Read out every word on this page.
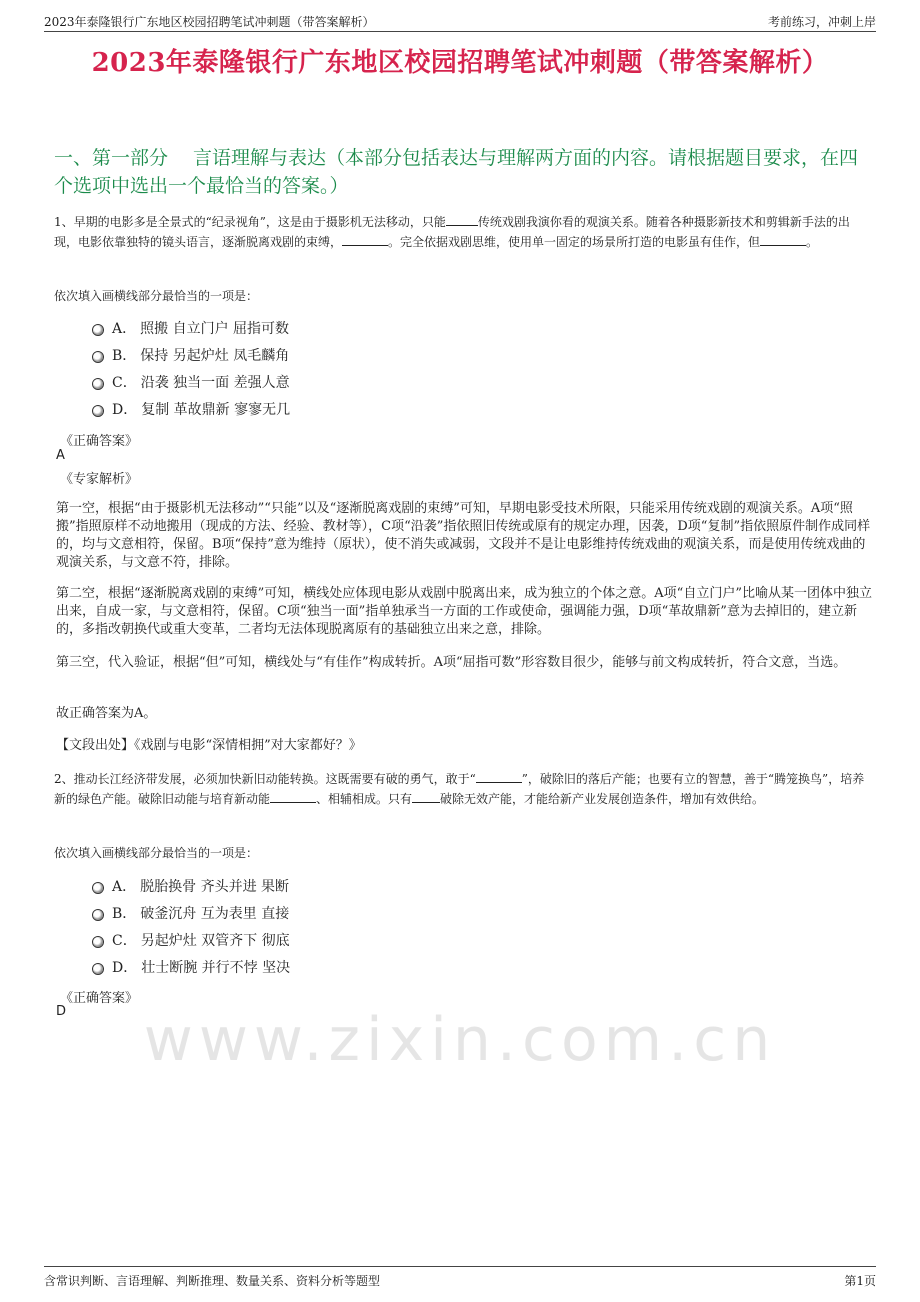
2023年泰隆银行广东地区校园招聘笔试冲刺题（带答案解析）	考前练习，冲刺上岸
2023年泰隆银行广东地区校园招聘笔试冲刺题（带答案解析）
一、第一部分　 言语理解与表达（本部分包括表达与理解两方面的内容。请根据题目要求，在四个选项中选出一个最恰当的答案。）

1、早期的电影多是全景式的“纪录视角”，这是由于摄影机无法移动，只能	传统戏剧我演你看的观演关系。随着各种摄影新技术和剪辑新手法的出现，电影依靠独特的镜头语言，逐渐脱离戏剧的束缚，	。完全依据戏剧思维，使用单一固定的场景所打造的电影虽有佳作，但	。

依次填入画横线部分最恰当的一项是：

A． 照搬 自立门户 屈指可数
B． 保持 另起炉灶 凤毛麟角
C． 沿袭 独当一面 差强人意
D． 复制 革故鼎新 寥寥无几
《正确答案》
A
《专家解析》

第一空，根据“由于摄影机无法移动”“只能”以及“逐渐脱离戏剧的束缚”可知，早期电影受技术所限，只能采用传统戏剧的观演关系。A项“照搬”指照原样不动地搬用（现成的方法、经验、教材等），C项“沿袭”指依照旧传统或原有的规定办理，因袭，D项“复制”指依照原件制作成同样的，均与文意相符，保留。B项“保持”意为维持（原状），使不消失或减弱，文段并不是让电影维持传统戏曲的观演关系，而是使用传统戏曲的观演关系，与文意不符，排除。

第二空，根据“逐渐脱离戏剧的束缚”可知，横线处应体现电影从戏剧中脱离出来，成为独立的个体之意。A项“自立门户”比喻从某一团体中独立出来，自成一家，与文意相符，保留。C项“独当一面”指单独承当一方面的工作或使命，强调能力强，D项“革故鼎新”意为去掉旧的，建立新的，多指改朝换代或重大变革，二者均无法体现脱离原有的基础独立出来之意，排除。

第三空，代入验证，根据“但”可知，横线处与“有佳作”构成转折。A项“屈指可数”形容数目很少，能够与前文构成转折，符合文意，当选。

故正确答案为A。

【文段出处】《戏剧与电影“深情相拥”对大家都好？》

2、推动长江经济带发展，必须加快新旧动能转换。这既需要有破的勇气，敢于“	”，破除旧的落后产能；也要有立的智慧，善于“腾笼换鸟”，培养新的绿色产能。破除旧动能与培育新动能	、相辅相成。只有 破除无效产能，才能给新产业发展创造条件，增加有效供给。

依次填入画横线部分最恰当的一项是：

A． 脱胎换骨 齐头并进 果断
B． 破釜沉舟 互为表里 直接
C． 另起炉灶 双管齐下 彻底
D． 壮士断腕 并行不悖 坚决
《正确答案》
D	www.zixin.com.cn
含常识判断、言语理解、判断推理、数量关系、资料分析等题型	第1页
